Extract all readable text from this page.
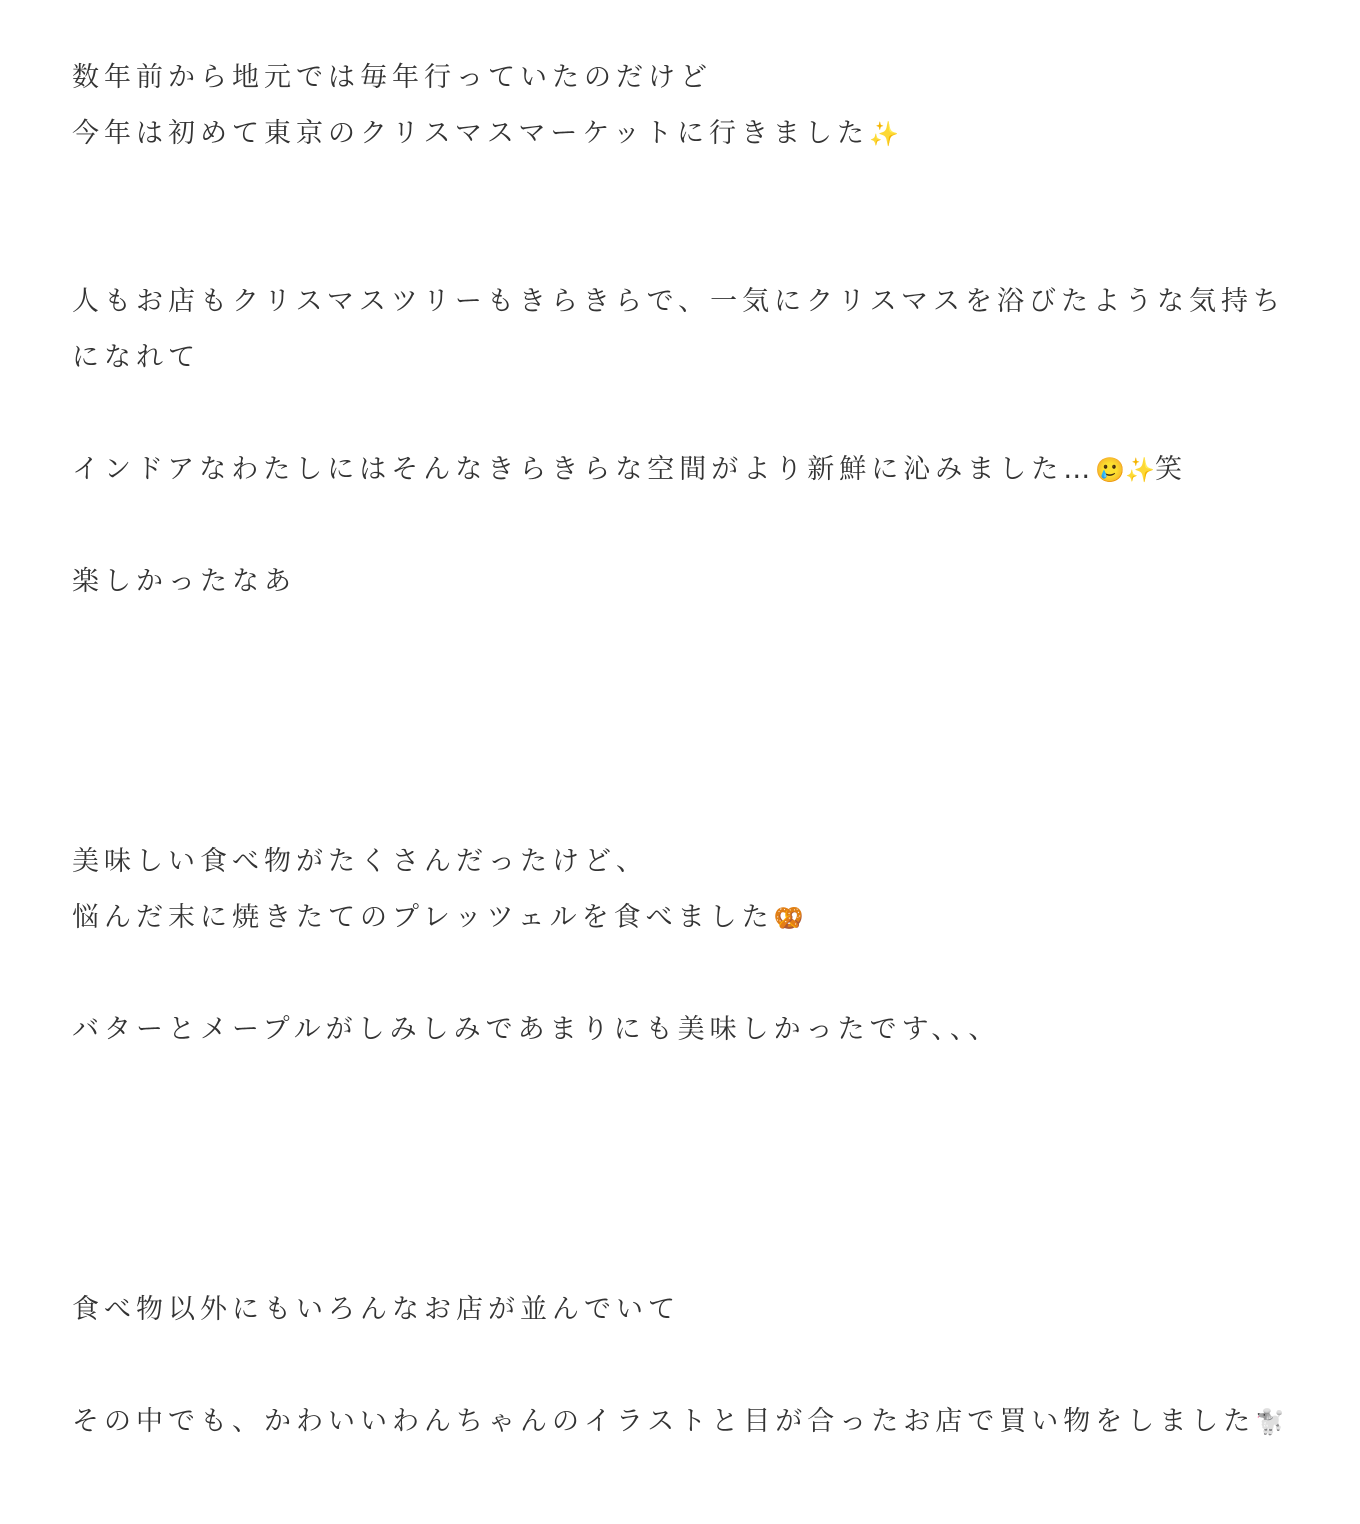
数年前から地元では毎年行っていたのだけど
今年は初めて東京のクリスマスマーケットに行きました✨
人もお店もクリスマスツリーもきらきらで、一気にクリスマスを浴びたような気持ちになれて
インドアなわたしにはそんなきらきらな空間がより新鮮に沁みました…🥲✨笑
楽しかったなあ
美味しい食べ物がたくさんだったけど、
悩んだ末に焼きたてのプレッツェルを食べました🥨
バターとメープルがしみしみであまりにも美味しかったです、、、
食べ物以外にもいろんなお店が並んでいて
その中でも、かわいいわんちゃんのイラストと目が合ったお店で買い物をしました🐩
